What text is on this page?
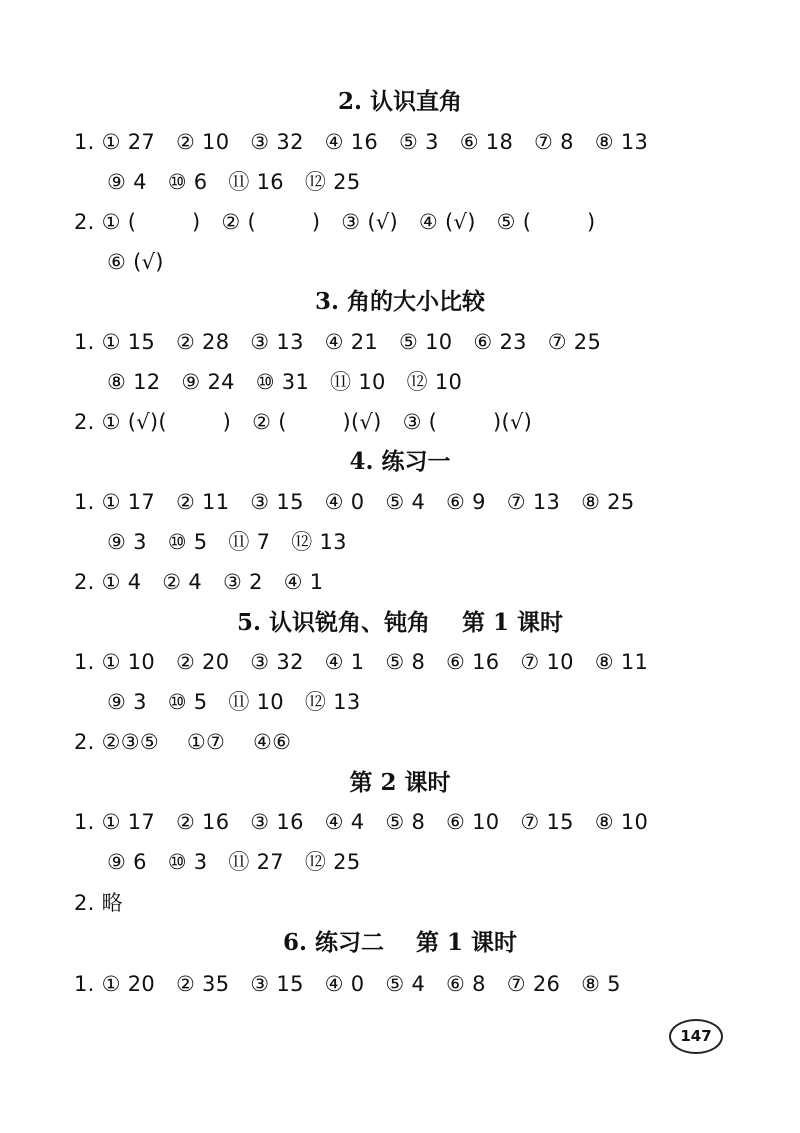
2. 认识直角
1. ① 27   ② 10   ③ 32   ④ 16   ⑤ 3   ⑥ 18   ⑦ 8   ⑧ 13
⑨ 4   ⑩ 6   ⑪ 16   ⑫ 25
2. ① (        )   ② (        )   ③ (√)   ④ (√)   ⑤ (        )
⑥ (√)
3. 角的大小比较
1. ① 15   ② 28   ③ 13   ④ 21   ⑤ 10   ⑥ 23   ⑦ 25
⑧ 12   ⑨ 24   ⑩ 31   ⑪ 10   ⑫ 10
2. ① (√)(        )   ② (        )(√)   ③ (        )(√)
4. 练习一
1. ① 17   ② 11   ③ 15   ④ 0   ⑤ 4   ⑥ 9   ⑦ 13   ⑧ 25
⑨ 3   ⑩ 5   ⑪ 7   ⑫ 13
2. ① 4   ② 4   ③ 2   ④ 1
5. 认识锐角、钝角    第 1 课时
1. ① 10   ② 20   ③ 32   ④ 1   ⑤ 8   ⑥ 16   ⑦ 10   ⑧ 11
⑨ 3   ⑩ 5   ⑪ 10   ⑫ 13
2. ②③⑤    ①⑦    ④⑥
第 2 课时
1. ① 17   ② 16   ③ 16   ④ 4   ⑤ 8   ⑥ 10   ⑦ 15   ⑧ 10
⑨ 6   ⑩ 3   ⑪ 27   ⑫ 25
2. 略
6. 练习二    第 1 课时
1. ① 20   ② 35   ③ 15   ④ 0   ⑤ 4   ⑥ 8   ⑦ 26   ⑧ 5
147
